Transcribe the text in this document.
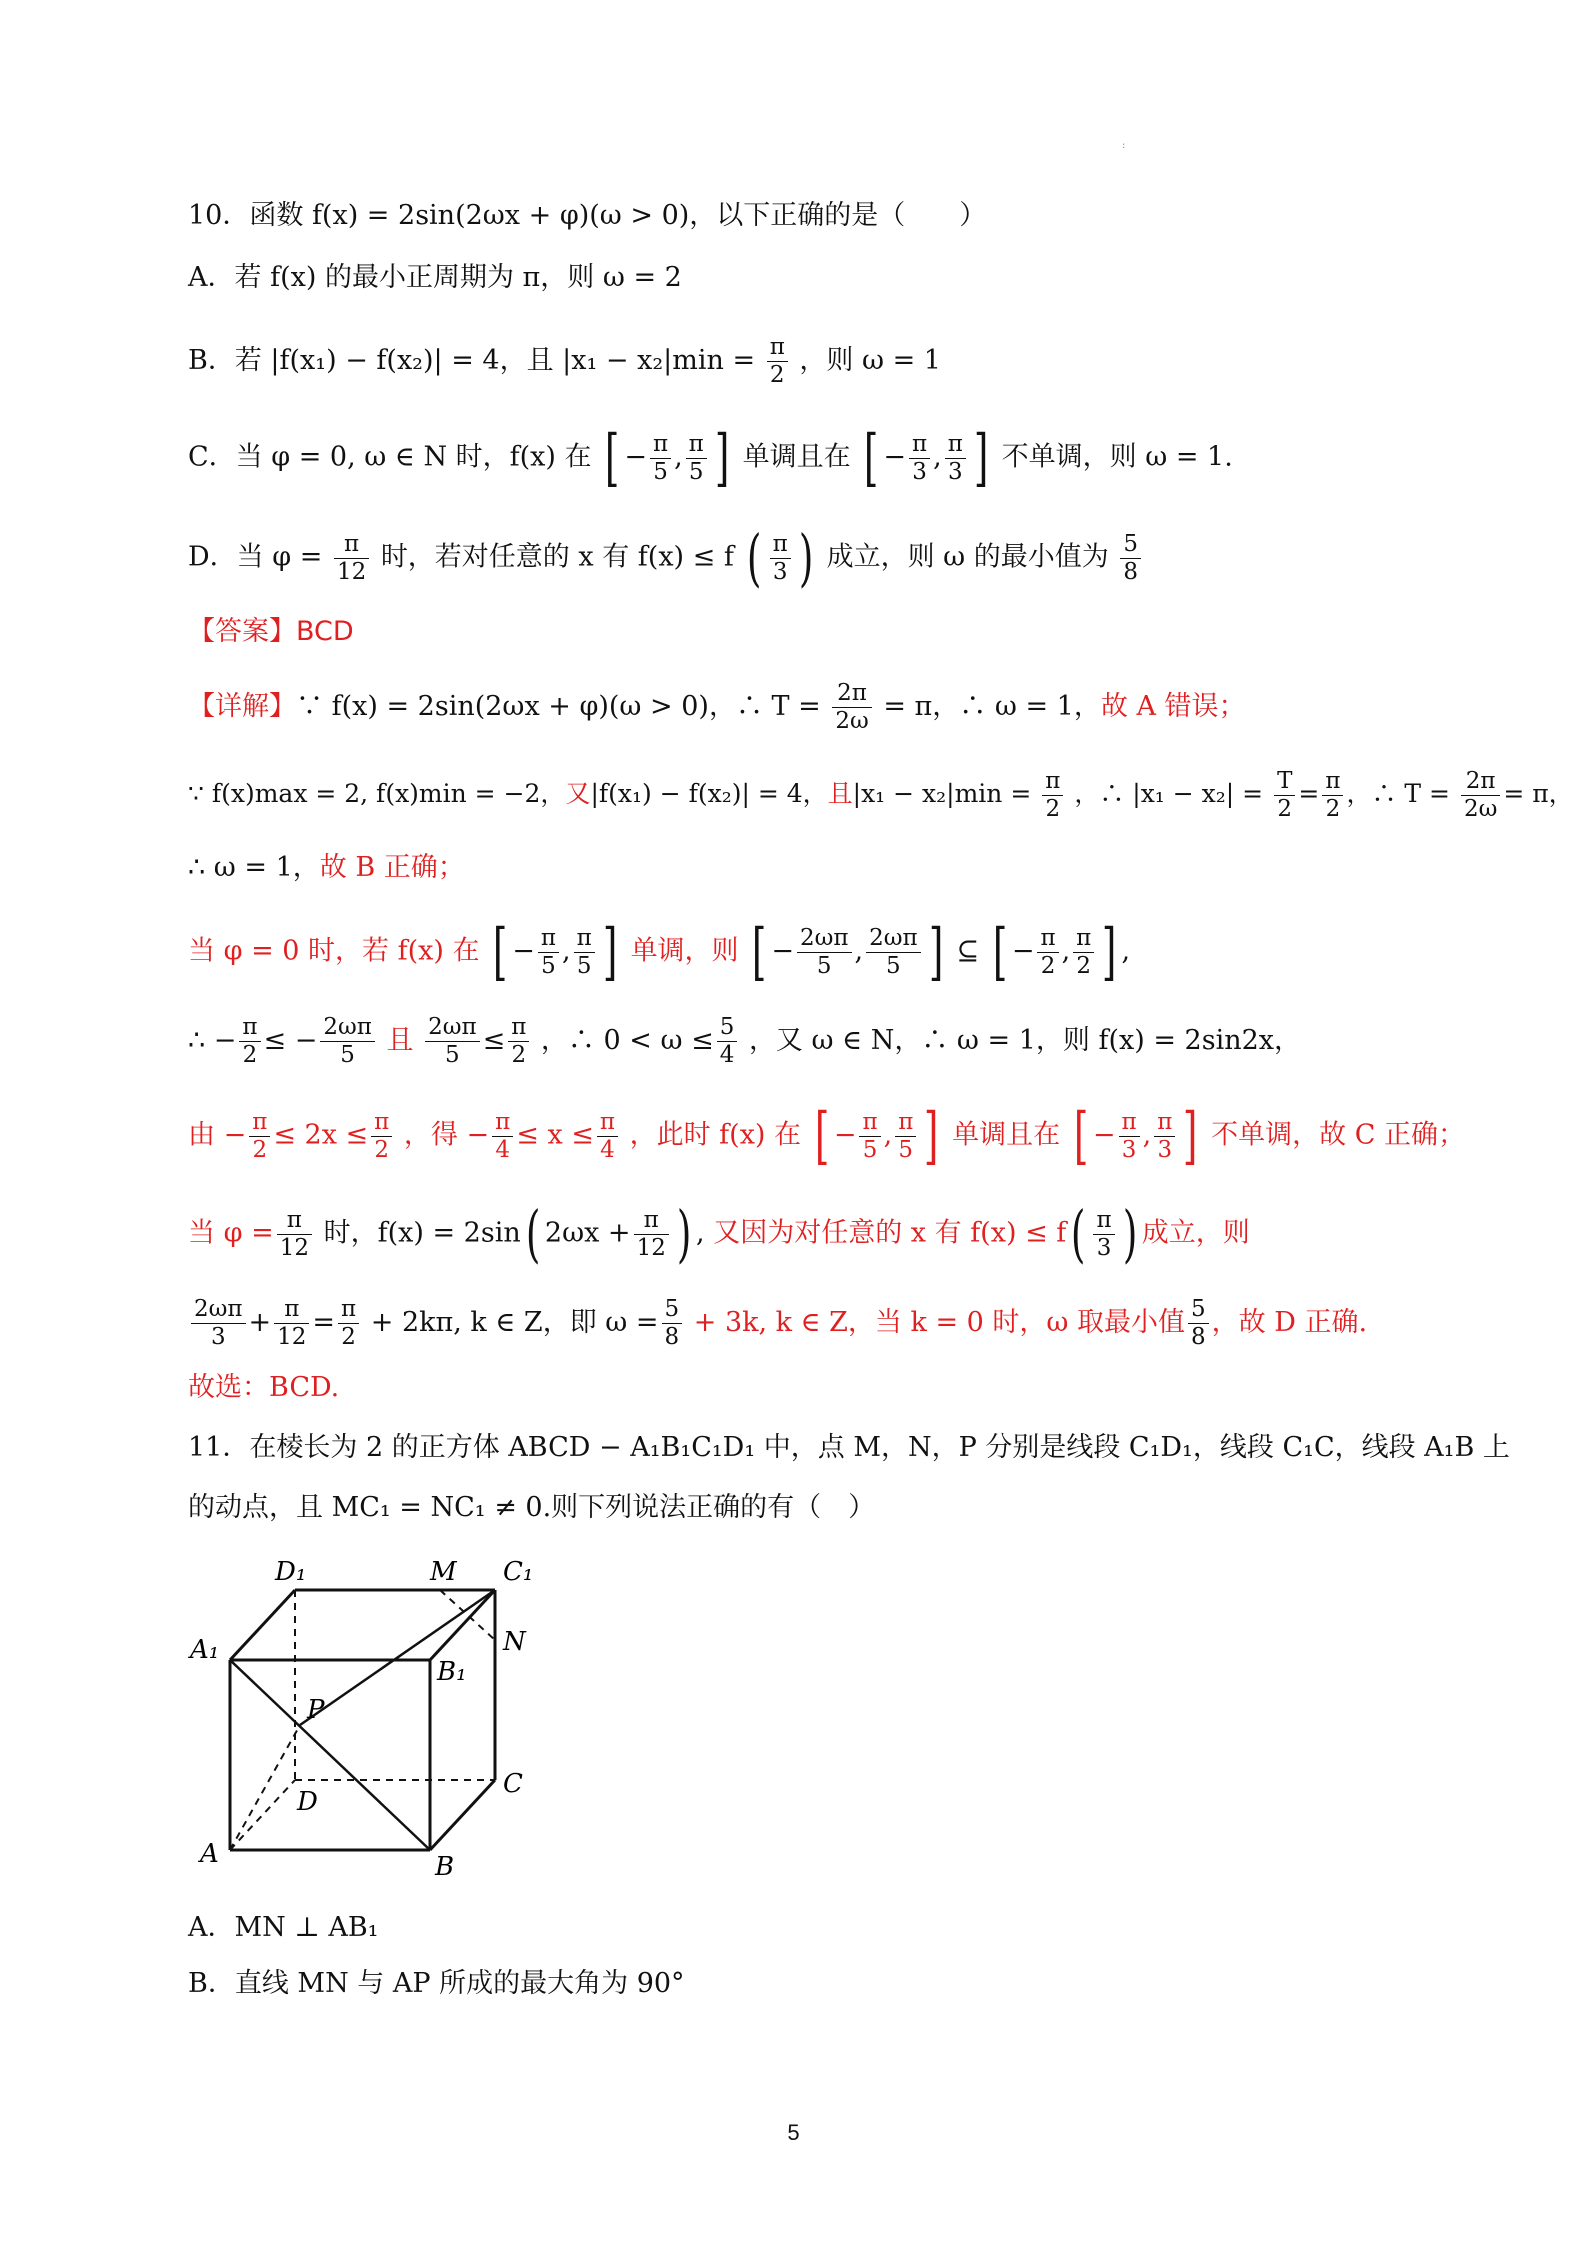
:
10．函数 f(x) = 2sin(2ωx + φ)(ω > 0)，以下正确的是（　　）
A．若 f(x) 的最小正周期为 π，则 ω = 2
B．若 |f(x₁) − f(x₂)| = 4，且 $|x_1 - x_2|\min = \frac{\pi}{2}$ ，则 ω = 1
C．当 φ = 0, ω ∈ N 时，f(x) 在 [ − $\frac{\pi}{5}$ , $\frac{\pi}{5}$ ] 单调且在 [ − $\frac{\pi}{3}$ , $\frac{\pi}{3}$ ] 不单调，则 ω = 1.
D．当 $\varphi = \frac{\pi}{12}$ 时，若对任意的 x 有 f(x) ≤ f ( $\frac{\pi}{3}$ ) 成立，则 ω 的最小值为 $\frac{5}{8}$
【答案】BCD
【详解】∵ f(x) = 2sin(2ωx + φ)(ω > 0)，∴ $T = \frac{2\pi}{2\omega} = \pi$，∴ ω = 1，故 A 错误；
∵ f(x)max = 2, f(x)min = −2，又|f(x₁) − f(x₂)| = 4，且$|x_1 - x_2|\min = \frac{\pi}{2}$ ，∴ $|x_1 - x_2| = \frac{T}{2} = \frac{\pi}{2}$ ，∴ $T = \frac{2\pi}{2\omega} = \pi$，
∴ ω = 1，故 B 正确；
当 φ = 0 时，若 f(x) 在 [ − $\frac{\pi}{5}$ , $\frac{\pi}{5}$ ] 单调，则 [ − $\frac{2\omega\pi}{5}$ , $\frac{2\omega\pi}{5}$ ] ⊆ [ − $\frac{\pi}{2}$ , $\frac{\pi}{2}$ ] ,
∴ − $\frac{\pi}{2}$ ≤ − $\frac{2\omega\pi}{5}$ 且 $\frac{2\omega\pi}{5} \le \frac{\pi}{2}$ ，∴ $0 < \omega \le \frac{5}{4}$ ，又 ω ∈ N，∴ ω = 1，则 f(x) = 2sin2x，
由 − $\frac{\pi}{2} \le 2x \le \frac{\pi}{2}$ ，得 − $\frac{\pi}{4} \le x \le \frac{\pi}{4}$ ，此时 f(x) 在 [ − $\frac{\pi}{5}$ , $\frac{\pi}{5}$ ] 单调且在 [ − $\frac{\pi}{3}$ , $\frac{\pi}{3}$ ] 不单调，故 C 正确；
当 $\varphi = \frac{\pi}{12}$ 时，f(x) = 2sin( $2\omega x + \frac{\pi}{12}$ ) , 又因为对任意的 x 有 $f(x) \le f( \frac{\pi}{3}$ ) 成立，则
$\frac{2\omega\pi}{3} + \frac{\pi}{12} = \frac{\pi}{2} + 2k\pi$, k ∈ Z，即 $\omega = \frac{5}{8} + 3k$, k ∈ Z，当 k = 0 时，ω 取最小值 $\frac{5}{8}$ ，故 D 正确.
故选：BCD.
11．在棱长为 2 的正方体 ABCD − A₁B₁C₁D₁ 中，点 M，N，P 分别是线段 C₁D₁，线段 C₁C，线段 A₁B 上
的动点，且 MC₁ = NC₁ ≠ 0.则下列说法正确的有（　）
D₁	M C₁
A₁
B₁
N
P
D
C
A	B
A．MN ⊥ AB₁
B．直线 MN 与 AP 所成的最大角为 90°
5
